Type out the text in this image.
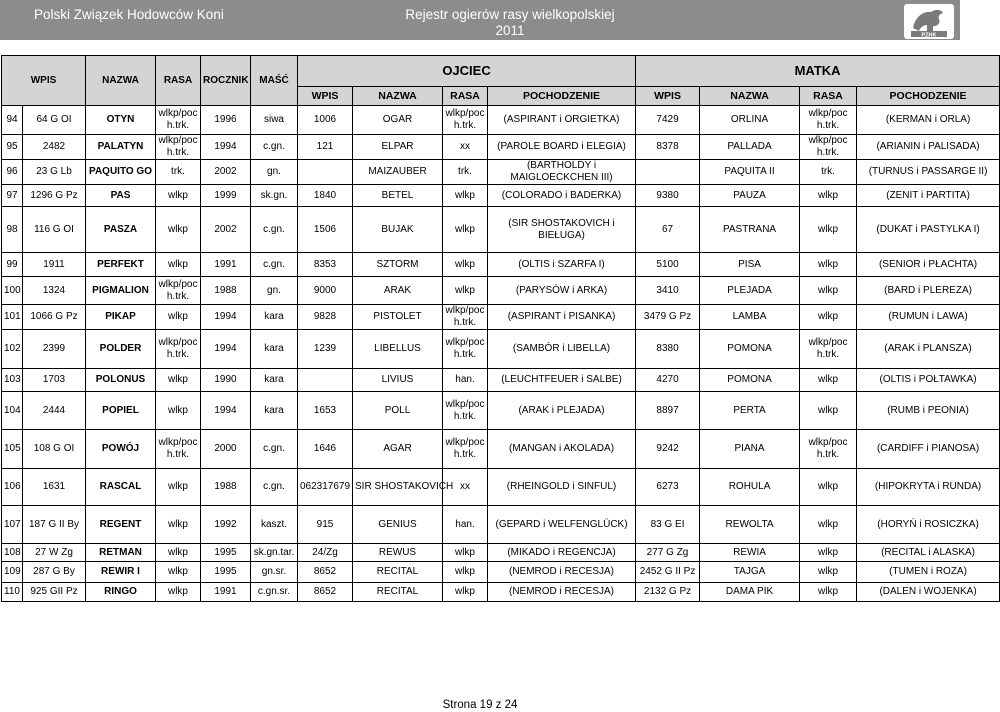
Polski Związek Hodowców Koni	Rejestr ogierów rasy wielkopolskiej
2011	PZHK
WPIS		NAZWA	RASA	ROCZNIK	MAŚĆ	OJCIEC				MATKA			
						WPIS	NAZWA	RASA	POCHODZENIE	WPIS	NAZWA	RASA	POCHODZENIE
94	64 G OI	OTYN	wlkp/poc h.trk.	1996	siwa	1006	OGAR	wlkp/poc h.trk.	(ASPIRANT i ORGIETKA)	7429	ORLINA	wlkp/poc h.trk.	(KERMAN i ORLA)
95	2482	PALATYN	wlkp/poc h.trk.	1994	c.gn.	121	ELPAR	xx	(PAROLE BOARD i ELEGIA)	8378	PALLADA	wlkp/poc h.trk.	(ARIANIN i PALISADA)
96	23 G Lb	PAQUITO GO	trk.	2002	gn.		MAIZAUBER	trk.	(BARTHOLDY i MAIGLOECKCHEN III)		PAQUITA II	trk.	(TURNUS i PASSARGE II)
97	1296 G Pz	PAS	wlkp	1999	sk.gn.	1840	BETEL	wlkp	(COLORADO i BADERKA)	9380	PAUZA	wlkp	(ZENIT i PARTITA)
98	116 G OI	PASZA	wlkp	2002	c.gn.	1506	BUJAK	wlkp	(SIR SHOSTAKOVICH i BIEŁUGA)	67	PASTRANA	wlkp	(DUKAT i PASTYLKA I)
99	1911	PERFEKT	wlkp	1991	c.gn.	8353	SZTORM	wlkp	(OLTIS i SZARFA I)	5100	PISA	wlkp	(SENIOR i PŁACHTA)
100	1324	PIGMALION	wlkp/poc h.trk.	1988	gn.	9000	ARAK	wlkp	(PARYSÓW i ARKA)	3410	PLEJADA	wlkp	(BARD i PLEREZA)
101	1066 G Pz	PIKAP	wlkp	1994	kara	9828	PISTOLET	wlkp/poc h.trk.	(ASPIRANT i PISANKA)	3479 G Pz	LAMBA	wlkp	(RUMUN i LAWA)
102	2399	POLDER	wlkp/poc h.trk.	1994	kara	1239	LIBELLUS	wlkp/poc h.trk.	(SAMBÓR i LIBELLA)	8380	POMONA	wlkp/poc h.trk.	(ARAK i PLANSZA)
103	1703	POLONUS	wlkp	1990	kara		LIVIUS	han.	(LEUCHTFEUER i SALBE)	4270	POMONA	wlkp	(OLTIS i POŁTAWKA)
104	2444	POPIEL	wlkp	1994	kara	1653	POLL	wlkp/poc h.trk.	(ARAK i PLEJADA)	8897	PERTA	wlkp	(RUMB i PEONIA)
105	108 G OI	POWÓJ	wlkp/poc h.trk.	2000	c.gn.	1646	AGAR	wlkp/poc h.trk.	(MANGAN i AKOLADA)	9242	PIANA	wlkp/poc h.trk.	(CARDIFF i PIANOSA)
106	1631	RASCAL	wlkp	1988	c.gn.	062317679	SIR SHOSTAKOVICH	xx	(RHEINGOLD i SINFUL)	6273	ROHULA	wlkp	(HIPOKRYTA i RUNDA)
107	187 G II By	REGENT	wlkp	1992	kaszt.	915	GENIUS	han.	(GEPARD i WELFENGLÜCK)	83 G EI	REWOLTA	wlkp	(HORYŃ i ROSICZKA)
108	27 W Zg	RETMAN	wlkp	1995	sk.gn.tar.	24/Zg	REWUS	wlkp	(MIKADO i REGENCJA)	277 G Zg	REWIA	wlkp	(RECITAL i ALASKA)
109	287 G By	REWIR I	wlkp	1995	gn.sr.	8652	RECITAL	wlkp	(NEMROD i RECESJA)	2452 G II Pz	TAJGA	wlkp	(TUMEN i ROZA)
110	925 GII Pz	RINGO	wlkp	1991	c.gn.sr.	8652	RECITAL	wlkp	(NEMROD i RECESJA)	2132 G Pz	DAMA PIK	wlkp	(DALEN i WOJENKA)
Strona 19 z 24
